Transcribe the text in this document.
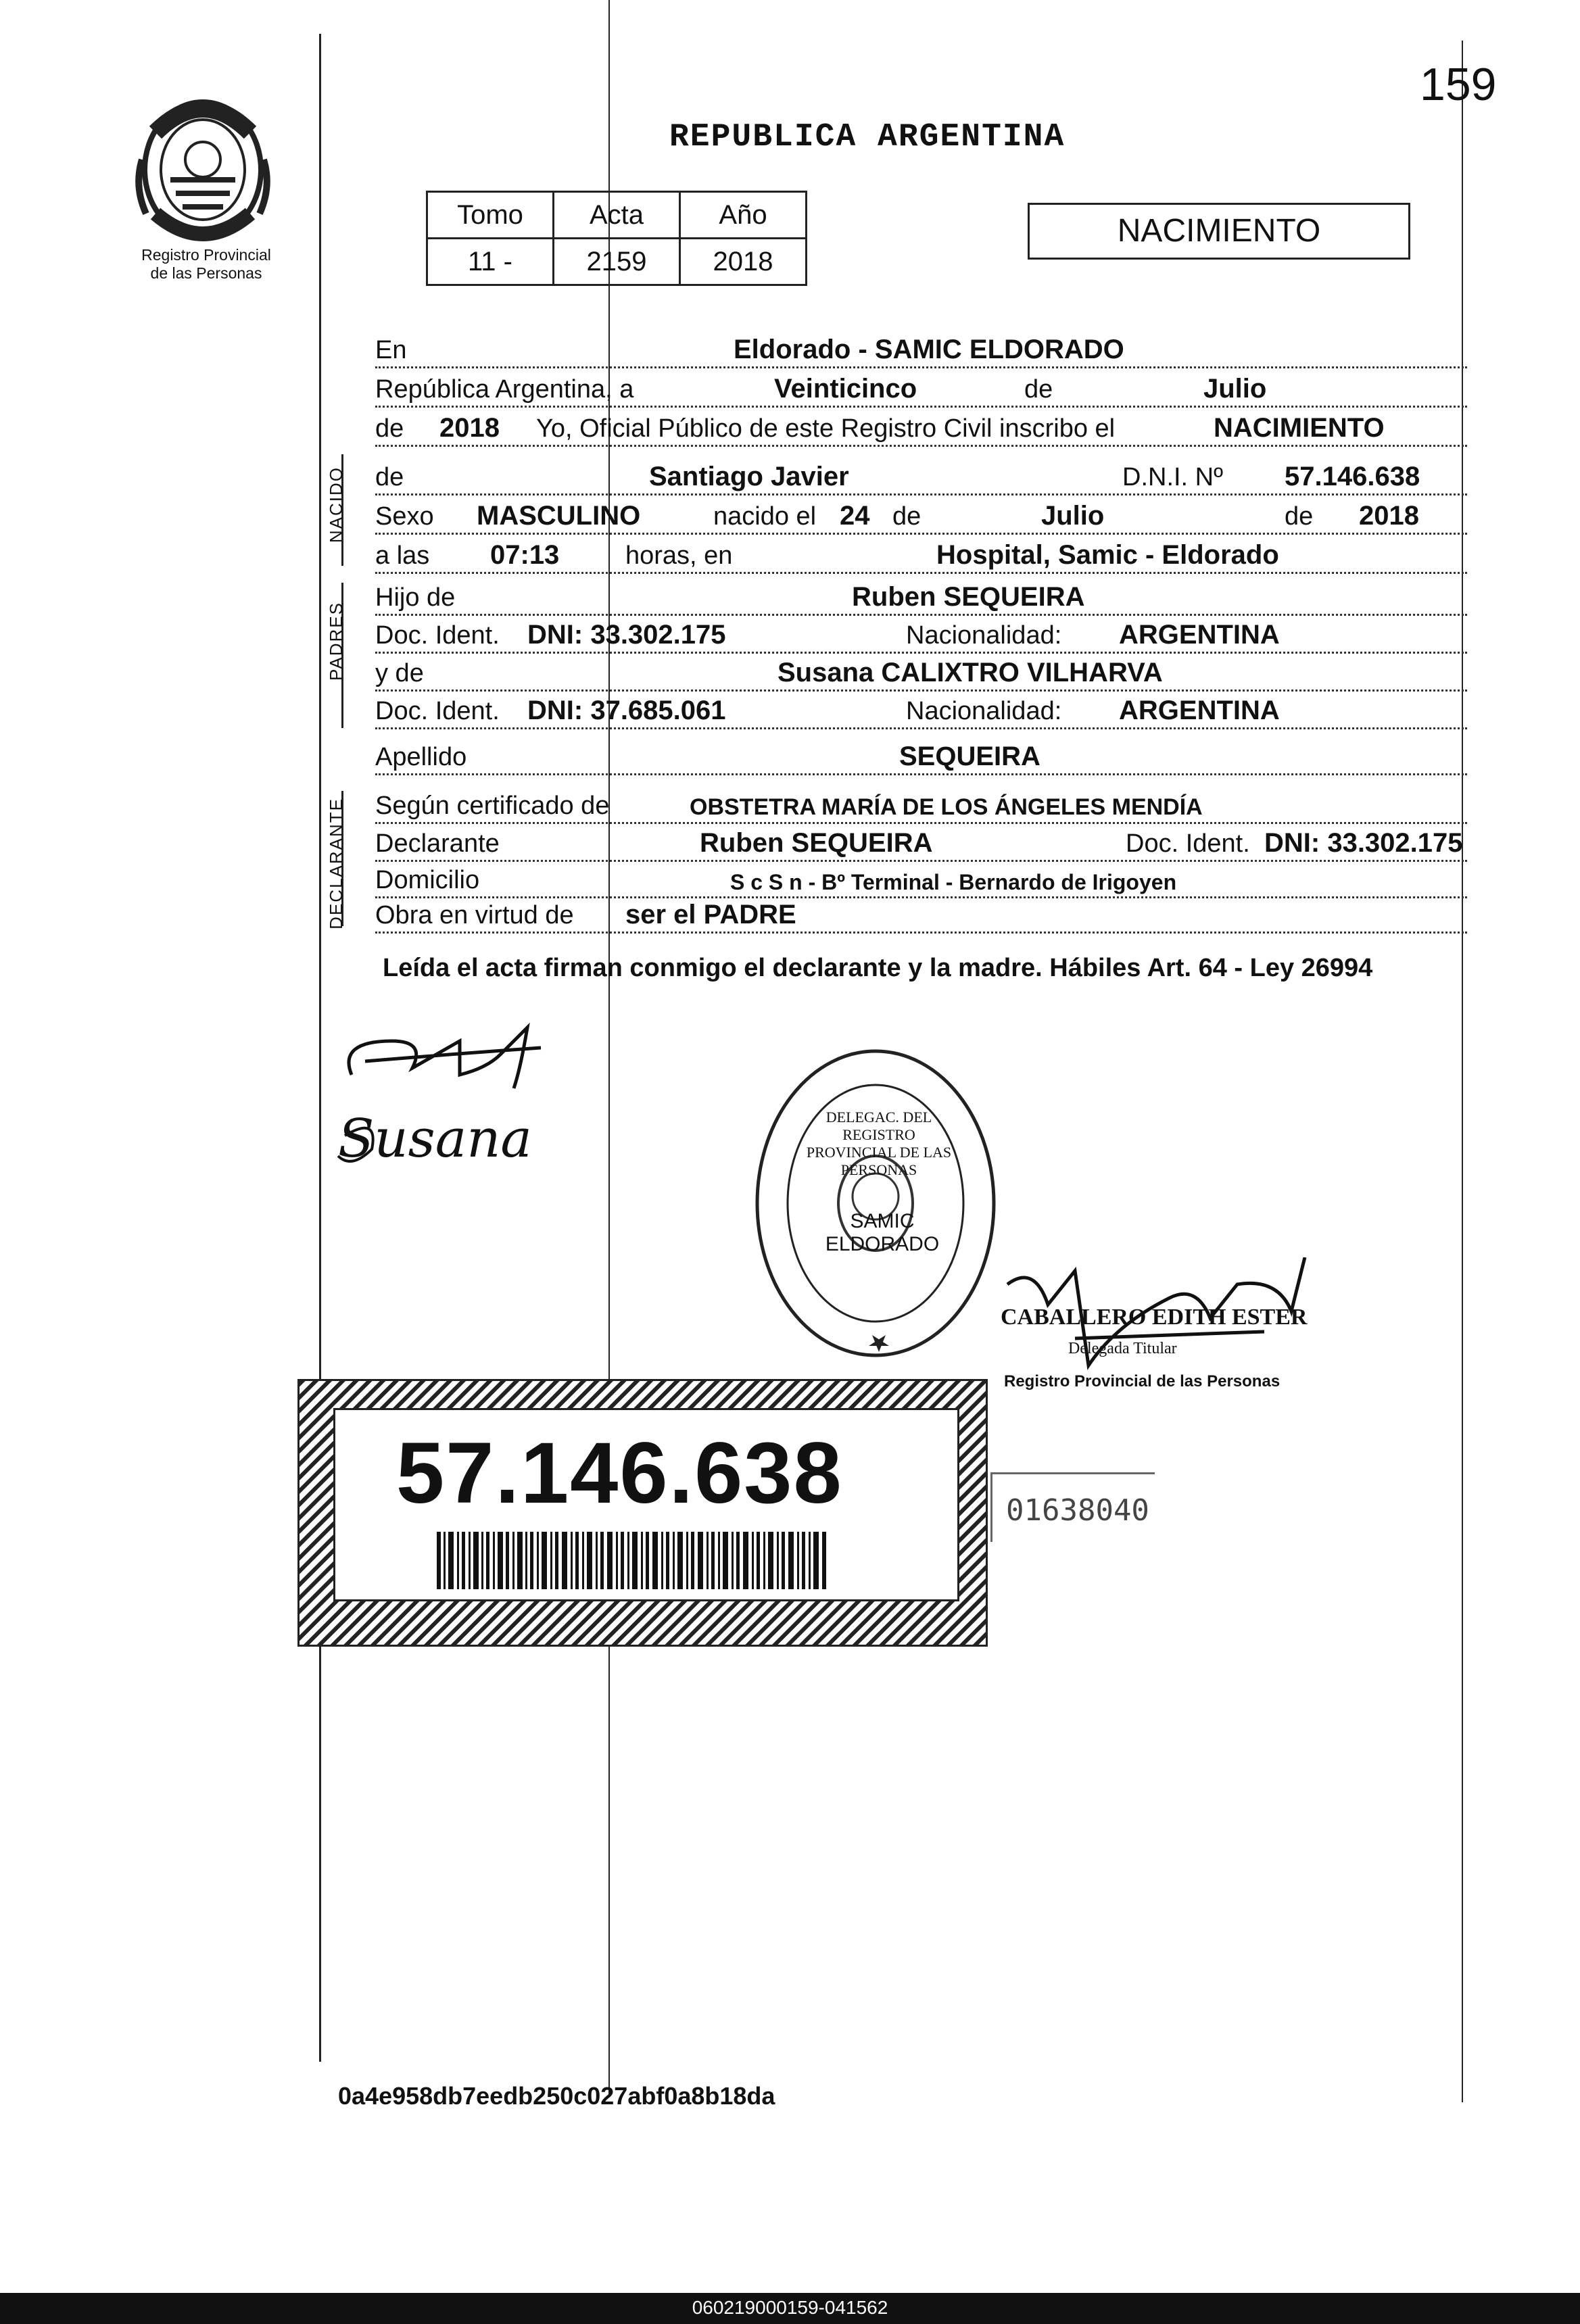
159
REPUBLICA ARGENTINA
Registro Provincial
de las Personas
Tomo	Acta	Año
11 -	2159	2018
NACIMIENTO
En	Eldorado - SAMIC ELDORADO
República Argentina, a	Veinticinco	de	Julio
de 2018 Yo, Oficial Público de este Registro Civil inscribo el	NACIMIENTO
NACIDO de	Santiago Javier	D.N.I. Nº 57.146.638
Sexo MASCULINO	nacido el 24 de	Julio	de 2018
a las 07:13	horas, en	Hospital, Samic - Eldorado
PADRES
Hijo de	Ruben SEQUEIRA
Doc. Ident. DNI: 33.302.175	Nacionalidad: ARGENTINA
y de	Susana CALIXTRO VILHARVA
Doc. Ident. DNI: 37.685.061	Nacionalidad: ARGENTINA
Apellido	SEQUEIRA
DECLARANTE Según certificado de	OBSTETRA MARÍA DE LOS ÁNGELES MENDÍA
Declarante	Ruben SEQUEIRA	Doc. Ident. DNI: 33.302.175
Domicilio	S c S n - Bº Terminal - Bernardo de Irigoyen
Obra en virtud de ser el PADRE
Leída el acta firman conmigo el declarante y la madre. Hábiles Art. 64 - Ley 26994
Susana	DELEGAC. DEL REGISTRO PROVINCIAL DE LAS PERSONAS
SAMIC ELDORADO
CABALLERO EDITH ESTER
Delegada Titular
Registro Provincial de las Personas
57.146.638	01638040
0a4e958db7eedb250c027abf0a8b18da
060219000159-041562
